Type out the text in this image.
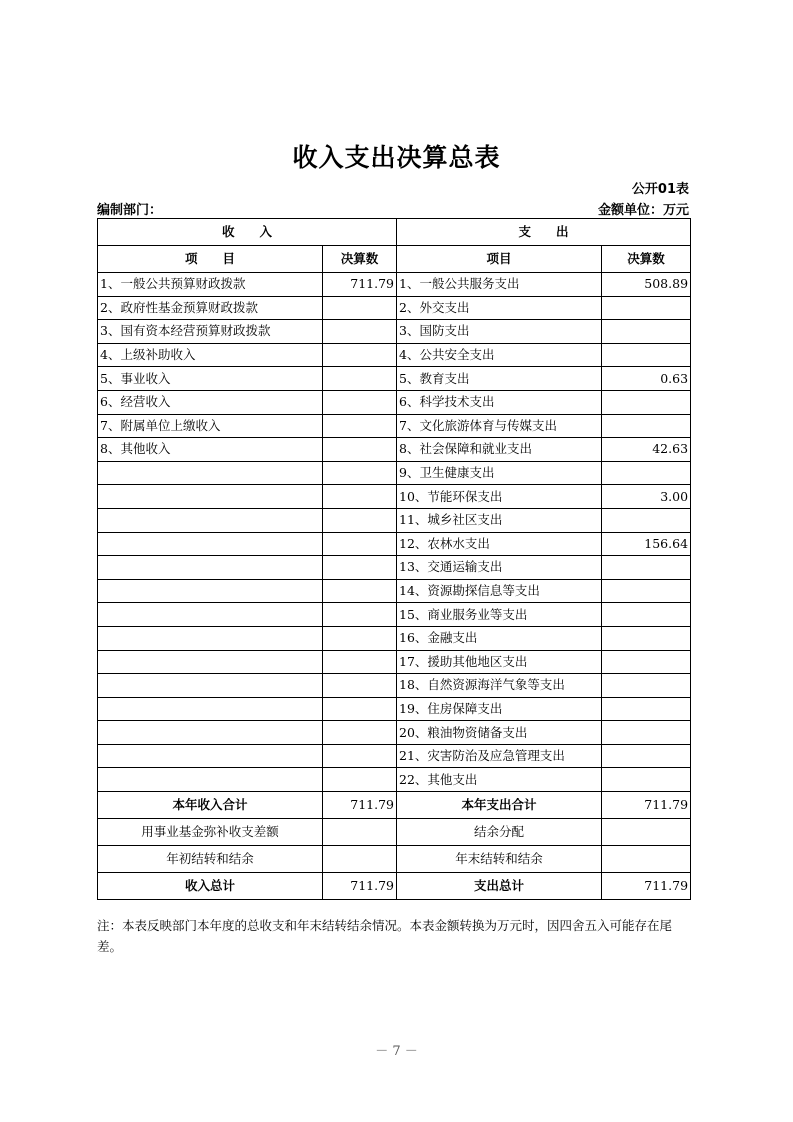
收入支出决算总表
公开01表
编制部门：	金额单位：万元
收　　入		支　　出	
项　　目	决算数	项目	决算数
1、一般公共预算财政拨款	711.79	1、一般公共服务支出	508.89
2、政府性基金预算财政拨款		2、外交支出	
3、国有资本经营预算财政拨款		3、国防支出	
4、上级补助收入		4、公共安全支出	
5、事业收入		5、教育支出	0.63
6、经营收入		6、科学技术支出	
7、附属单位上缴收入		7、文化旅游体育与传媒支出	
8、其他收入		8、社会保障和就业支出	42.63
		9、卫生健康支出	
		10、节能环保支出	3.00
		11、城乡社区支出	
		12、农林水支出	156.64
		13、交通运输支出	
		14、资源勘探信息等支出	
		15、商业服务业等支出	
		16、金融支出	
		17、援助其他地区支出	
		18、自然资源海洋气象等支出	
		19、住房保障支出	
		20、粮油物资储备支出	
		21、灾害防治及应急管理支出	
		22、其他支出	
本年收入合计	711.79	本年支出合计	711.79
用事业基金弥补收支差额		结余分配	
年初结转和结余		年末结转和结余	
收入总计	711.79	支出总计	711.79
注：本表反映部门本年度的总收支和年末结转结余情况。本表金额转换为万元时，因四舍五入可能存在尾差。
－ 7 －
